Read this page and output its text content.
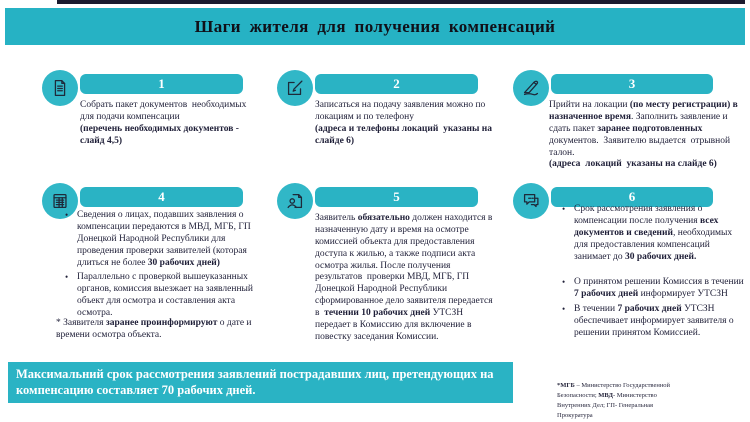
Шаги жителя для получения компенсаций
1
Собрать пакет документов  необходимых для подачи компенсации
(перечень необходимых документов - слайд 4,5)
2
Записаться на подачу заявления можно по локациям и по телефону
(адреса и телефоны локаций  указаны на слайде 6)
3
Прийти на локации (по месту регистрации) в назначенное время. Заполнить заявление и сдать пакет заранее подготовленных документов.  Заявителю выдается  отрывной талон.
(адреса  локаций  указаны на слайде 6)
4
• Сведения о лицах, подавших заявления о компенсации передаются в МВД, МГБ, ГП Донецкой Народной Республики для проведения проверки заявителей (которая длиться не более 30 рабочих дней)
• Параллельно с проверкой вышеуказанных органов, комиссия выезжает на заявленный объект для осмотра и составления акта осмотра.
* Заявителя заранее проинформируют о дате и времени осмотра объекта.
5
Заявитель обязательно должен находится в назначенную дату и время на осмотре комиссией объекта для предоставления доступа к жилью, а также подписи акта осмотра жилья. После получения результатов  проверки МВД, МГБ, ГП Донецкой Народной Республики сформированное дело заявителя передается в  течении 10 рабочих дней УТСЗН передает в Комиссию для включение в повестку заседания Комиссии.
6
• Срок рассмотрения заявления о компенсации после получения всех документов и сведений, необходимых для предоставления компенсаций занимает до 30 рабочих дней.
• О принятом решении Комиссия в течении 7 рабочих дней информирует УТСЗН
• В течении 7 рабочих дней УТСЗН обеспечивает информирует заявителя о решении принятом Комиссией.
Максимальний срок рассмотрения заявлений пострадавших лиц, претендующих на компенсацию составляет 70 рабочих дней.	*МГБ – Министерство Государственной
Безопасности; МВД- Министерство
Внутренних Дел; ГП- Генеральная
Прокуратура
